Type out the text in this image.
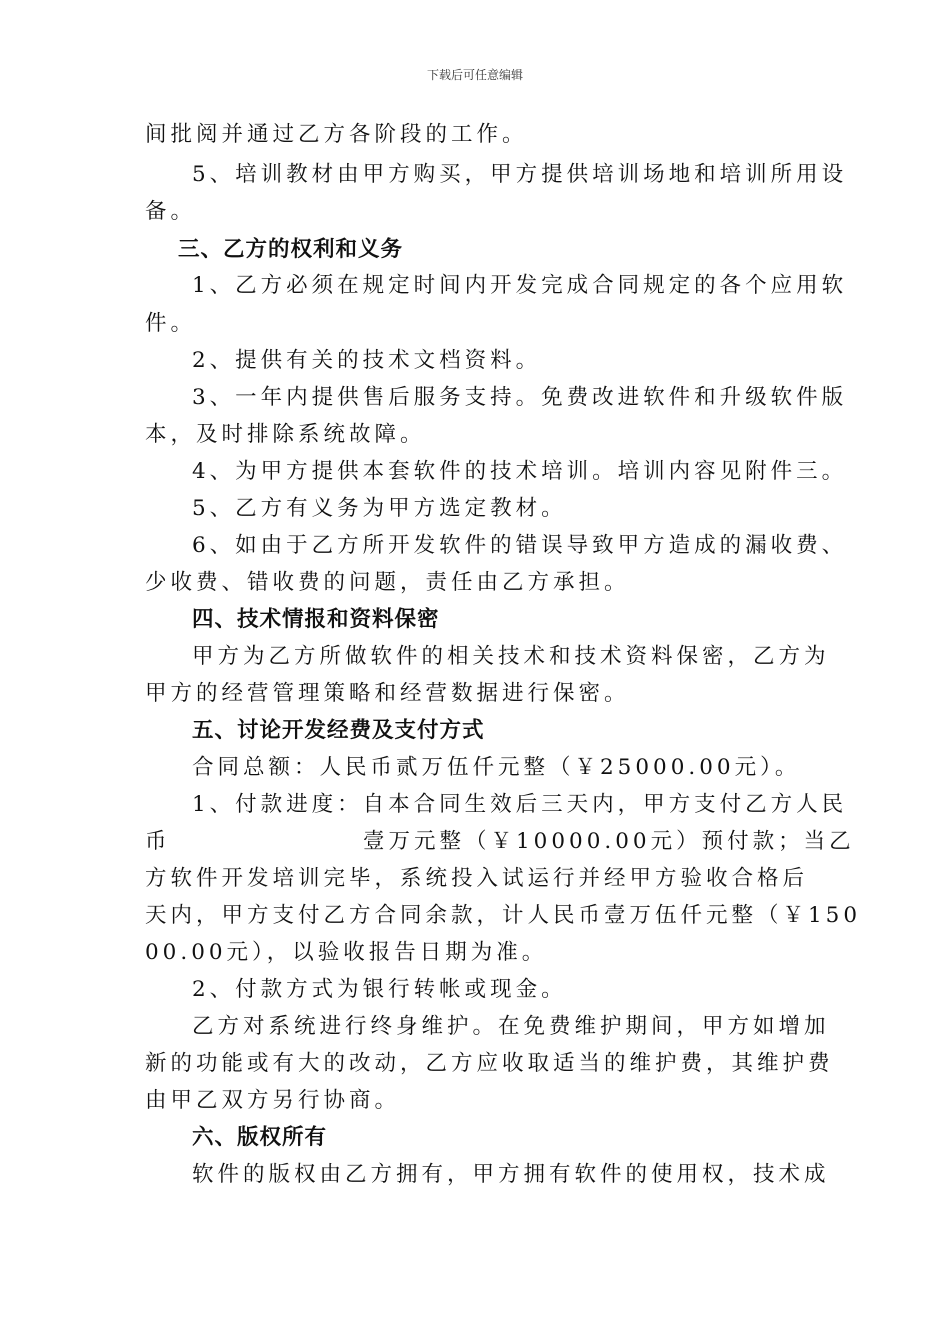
下载后可任意编辑
间批阅并通过乙方各阶段的工作。
5、培训教材由甲方购买，甲方提供培训场地和培训所用设
备。
三、乙方的权利和义务
1、乙方必须在规定时间内开发完成合同规定的各个应用软
件。
2、提供有关的技术文档资料。
3、一年内提供售后服务支持。免费改进软件和升级软件版
本，及时排除系统故障。
4、为甲方提供本套软件的技术培训。培训内容见附件三。
5、乙方有义务为甲方选定教材。
6、如由于乙方所开发软件的错误导致甲方造成的漏收费、
少收费、错收费的问题，责任由乙方承担。
四、技术情报和资料保密
甲方为乙方所做软件的相关技术和技术资料保密，乙方为
甲方的经营管理策略和经营数据进行保密。
五、讨论开发经费及支付方式
合同总额：人民币贰万伍仟元整（￥25000.00元）。
1、付款进度：自本合同生效后三天内，甲方支付乙方人民
币	壹万元整（￥10000.00元）预付款；当乙
方软件开发培训完毕，系统投入试运行并经甲方验收合格后
天内，甲方支付乙方合同余款，计人民币壹万伍仟元整（￥150
00.00元），以验收报告日期为准。
2、付款方式为银行转帐或现金。
乙方对系统进行终身维护。在免费维护期间，甲方如增加
新的功能或有大的改动，乙方应收取适当的维护费，其维护费
由甲乙双方另行协商。
六、版权所有
软件的版权由乙方拥有，甲方拥有软件的使用权，技术成
